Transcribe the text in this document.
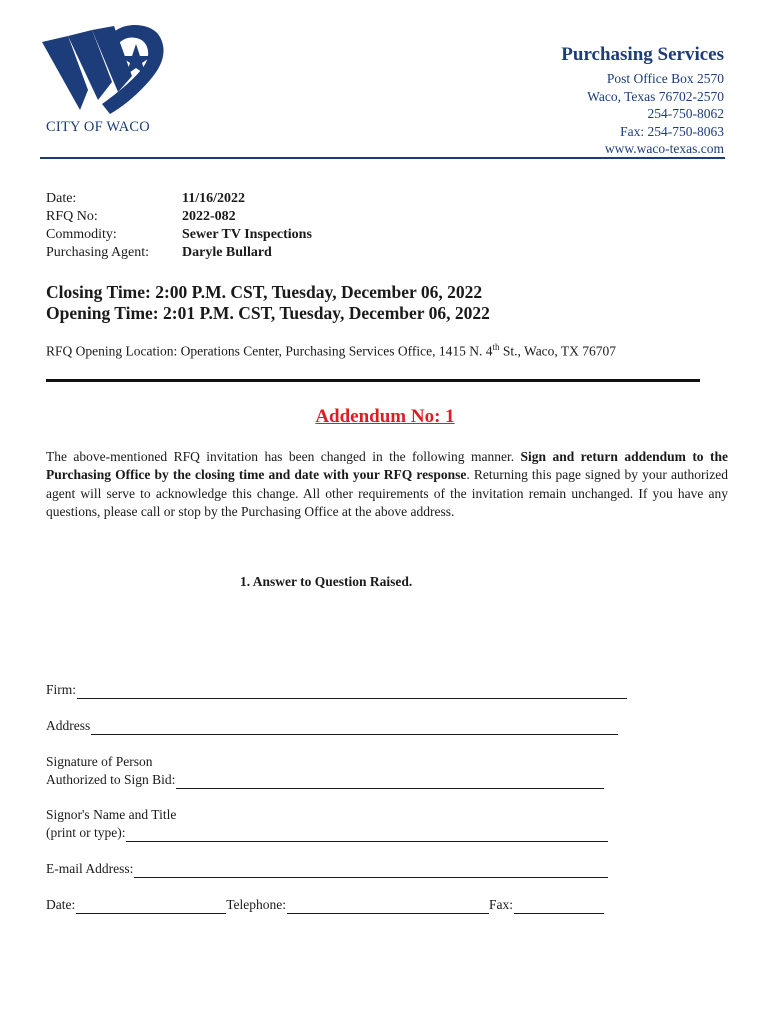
CITY OF WACO
Purchasing Services
Post Office Box 2570
Waco, Texas 76702-2570
254-750-8062
Fax: 254-750-8063
www.waco-texas.com
Date:	11/16/2022
RFQ No:	2022-082
Commodity:	Sewer TV Inspections
Purchasing Agent:	Daryle Bullard
Closing Time: 2:00 P.M. CST, Tuesday, December 06, 2022
Opening Time: 2:01 P.M. CST, Tuesday, December 06, 2022
RFQ Opening Location: Operations Center, Purchasing Services Office, 1415 N. 4th St., Waco, TX 76707
Addendum No: 1
The above-mentioned RFQ invitation has been changed in the following manner. Sign and return addendum to the Purchasing Office by the closing time and date with your RFQ response. Returning this page signed by your authorized agent will serve to acknowledge this change. All other requirements of the invitation remain unchanged. If you have any questions, please call or stop by the Purchasing Office at the above address.
1. Answer to Question Raised.
Firm:
Address
Signature of Person
Authorized to Sign Bid:
Signor's Name and Title
(print or type):
E-mail Address:
Date:	Telephone:	Fax:
